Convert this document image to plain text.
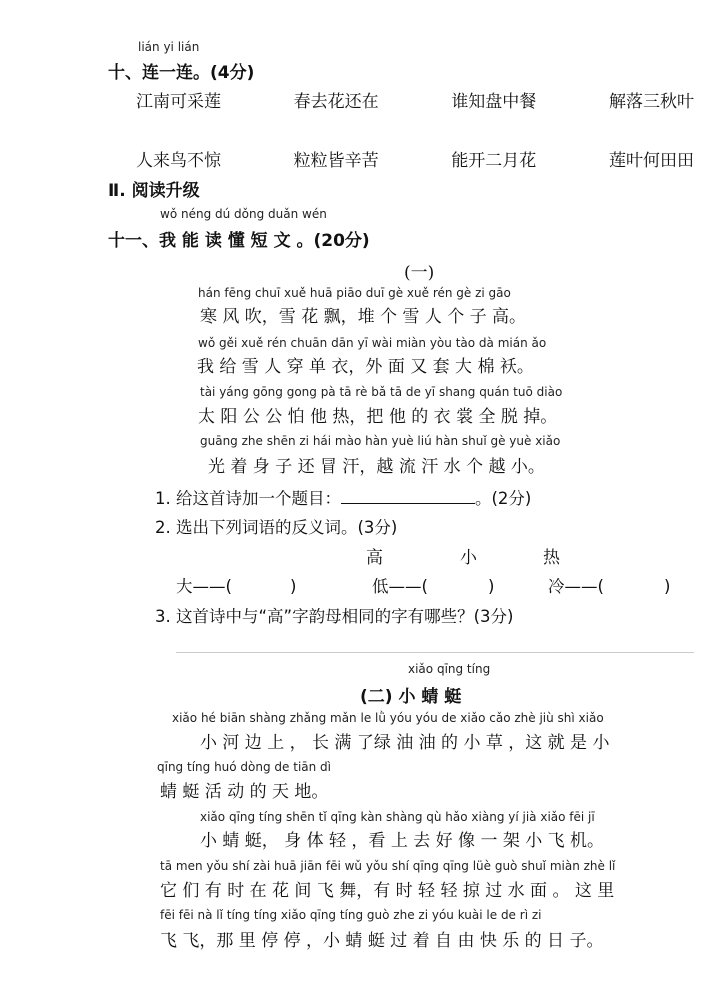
lián yi lián
十、连一连。(4分)
江南可采莲	春去花还在	谁知盘中餐	解落三秋叶
人来鸟不惊	粒粒皆辛苦	能开二月花	莲叶何田田
Ⅱ. 阅读升级
wǒ néng dú dǒng duǎn wén
十一、我 能 读 懂 短 文 。(20分)
(一)
hán fēng chuī xuě huā piāo duī gè xuě rén gè zi gāo
寒 风 吹，雪 花 飘，堆 个 雪 人 个 子 高。
wǒ gěi xuě rén chuān dān yī wài miàn yòu tào dà mián ǎo
我 给 雪 人 穿 单 衣，外 面 又 套 大 棉 袄。
tài yáng gōng gong pà tā rè bǎ tā de yī shang quán tuō diào
太 阳 公 公 怕 他 热，把 他 的 衣 裳 全 脱 掉。
guāng zhe shēn zi hái mào hàn yuè liú hàn shuǐ gè yuè xiǎo
光 着 身 子 还 冒 汗，越 流 汗 水 个 越 小。
1. 给这首诗加一个题目：	。(2分)
2. 选出下列词语的反义词。(3分)
高	小	热
大——(	)	低——(	)	冷——(	)
3. 这首诗中与“高”字韵母相同的字有哪些？(3分)
xiǎo qīng tíng
(二) 小 蜻 蜓
xiǎo hé biān shàng zhǎng mǎn le lǜ yóu yóu de xiǎo cǎo zhè jiù shì xiǎo
小 河 边 上 ， 长 满 了绿 油 油 的 小 草 ，这 就 是 小
qīng tíng huó dòng de tiān dì
蜻 蜓 活 动 的 天 地。
xiǎo qīng tíng shēn tǐ qīng kàn shàng qù hǎo xiàng yí jià xiǎo fēi jī
小 蜻 蜓， 身 体 轻 ，看 上 去 好 像 一 架 小 飞 机。
tā men yǒu shí zài huā jiān fēi wǔ yǒu shí qīng qīng lüè guò shuǐ miàn zhè lǐ
它 们 有 时 在 花 间 飞 舞，有 时 轻 轻 掠 过 水 面 。 这 里
fēi fēi nà lǐ tíng tíng xiǎo qīng tíng guò zhe zi yóu kuài le de rì zi
飞 飞，那 里 停 停 ，小 蜻 蜓 过 着 自 由 快 乐 的 日 子。
